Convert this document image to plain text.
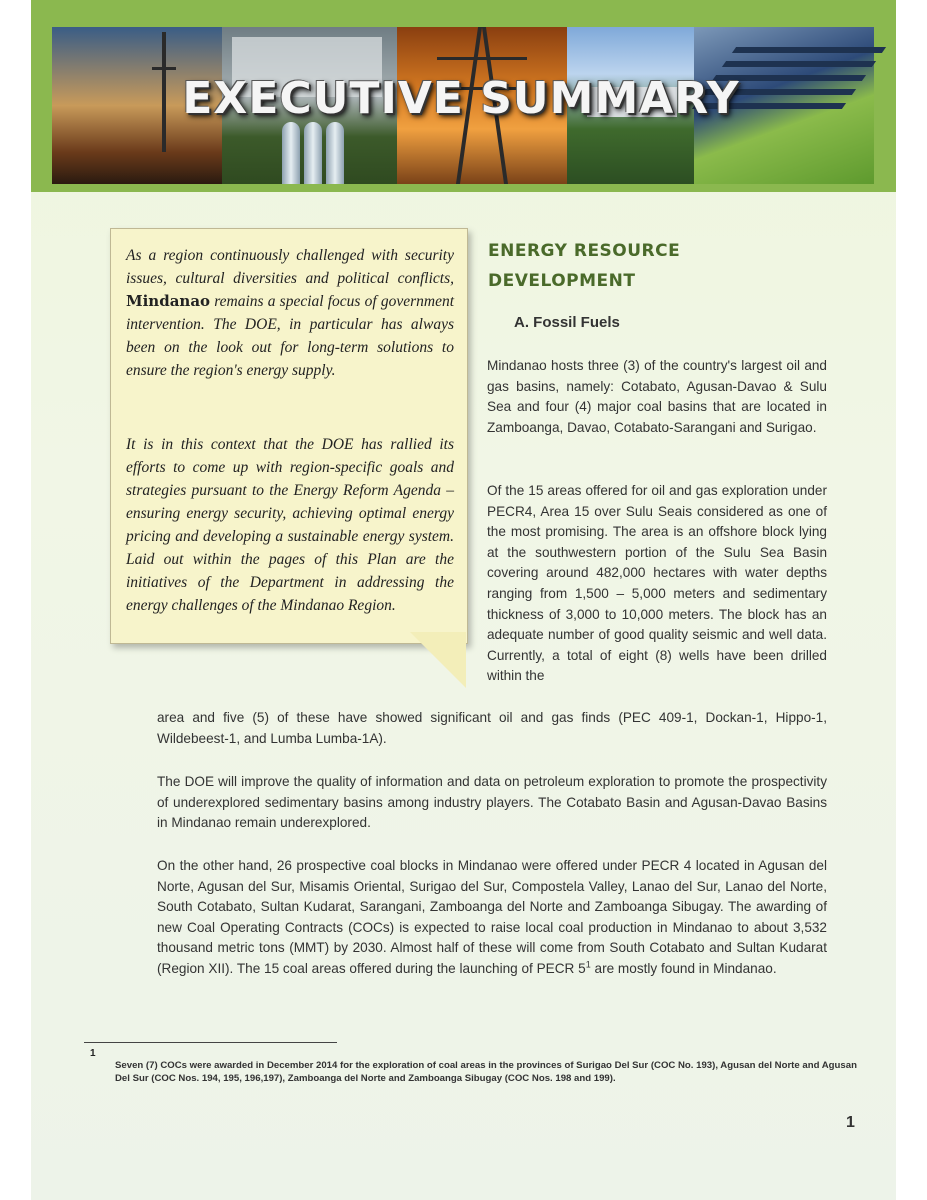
EXECUTIVE SUMMARY

As a region continuously challenged with security issues, cultural diversities and political conflicts, Mindanao remains a special focus of government intervention. The DOE, in particular has always been on the look out for long-term solutions to ensure the region's energy supply.

It is in this context that the DOE has rallied its efforts to come up with region-specific goals and strategies pursuant to the Energy Reform Agenda – ensuring energy security, achieving optimal energy pricing and developing a sustainable energy system. Laid out within the pages of this Plan are the initiatives of the Department in addressing the energy challenges of the Mindanao Region.

ENERGY RESOURCE
DEVELOPMENT
A. Fossil Fuels

Mindanao hosts three (3) of the country's largest oil and gas basins, namely: Cotabato, Agusan-Davao & Sulu Sea and four (4) major coal basins that are located in Zamboanga, Davao, Cotabato-Sarangani and Surigao.

Of the 15 areas offered for oil and gas exploration under PECR4, Area 15 over Sulu Seais considered as one of the most promising. The area is an offshore block lying at the southwestern portion of the Sulu Sea Basin covering around 482,000 hectares with water depths ranging from 1,500 – 5,000 meters and sedimentary thickness of 3,000 to 10,000 meters. The block has an adequate number of good quality seismic and well data. Currently, a total of eight (8) wells have been drilled within the

area and five (5) of these have showed significant oil and gas finds (PEC 409-1, Dockan-1, Hippo-1, Wildebeest-1, and Lumba Lumba-1A).

The DOE will improve the quality of information and data on petroleum exploration to promote the prospectivity of underexplored sedimentary basins among industry players. The Cotabato Basin and Agusan-Davao Basins in Mindanao remain underexplored.

On the other hand, 26 prospective coal blocks in Mindanao were offered under PECR 4 located in Agusan del Norte, Agusan del Sur, Misamis Oriental, Surigao del Sur, Compostela Valley, Lanao del Sur, Lanao del Norte, South Cotabato, Sultan Kudarat, Sarangani, Zamboanga del Norte and Zamboanga Sibugay. The awarding of new Coal Operating Contracts (COCs) is expected to raise local coal production in Mindanao to about 3,532 thousand metric tons (MMT) by 2030. Almost half of these will come from South Cotabato and Sultan Kudarat (Region XII). The 15 coal areas offered during the launching of PECR $5^1$ are mostly found in Mindanao.

1

Seven (7) COCs were awarded in December 2014 for the exploration of coal areas in the provinces of Surigao Del Sur (COC No. 193), Agusan del Norte and Agusan Del Sur (COC Nos. 194, 195, 196,197), Zamboanga del Norte and Zamboanga Sibugay (COC Nos. 198 and 199).

1
